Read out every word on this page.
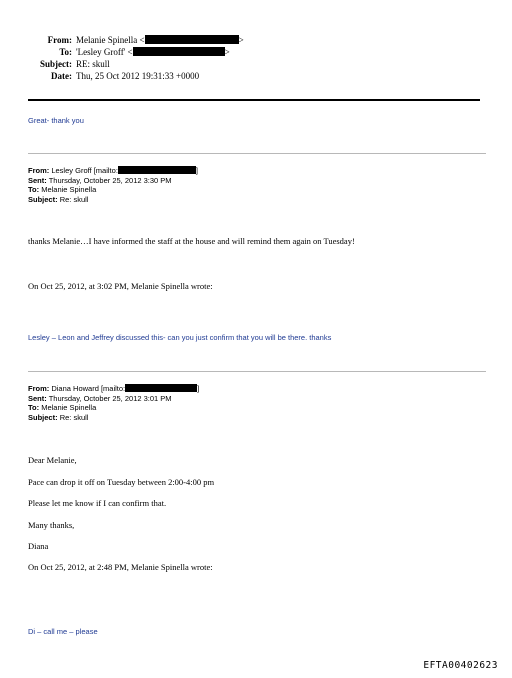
From: Melanie Spinella <	>
To: 'Lesley Groff' <	>
Subject: RE: skull
Date: Thu, 25 Oct 2012 19:31:33 +0000
Great- thank you
From: Lesley Groff [mailto:	]
Sent: Thursday, October 25, 2012 3:30 PM
To: Melanie Spinella
Subject: Re: skull
thanks Melanie…I have informed the staff at the house and will remind them again on Tuesday!
On Oct 25, 2012, at 3:02 PM, Melanie Spinella wrote:
Lesley – Leon and Jeffrey discussed this- can you just confirm that you will be there. thanks
From: Diana Howard [mailto:	]
Sent: Thursday, October 25, 2012 3:01 PM
To: Melanie Spinella
Subject: Re: skull
Dear Melanie,
Pace can drop it off on Tuesday between 2:00-4:00 pm
Please let me know if I can confirm that.
Many thanks,
Diana
On Oct 25, 2012, at 2:48 PM, Melanie Spinella wrote:
Di – call me – please
EFTA00402623
